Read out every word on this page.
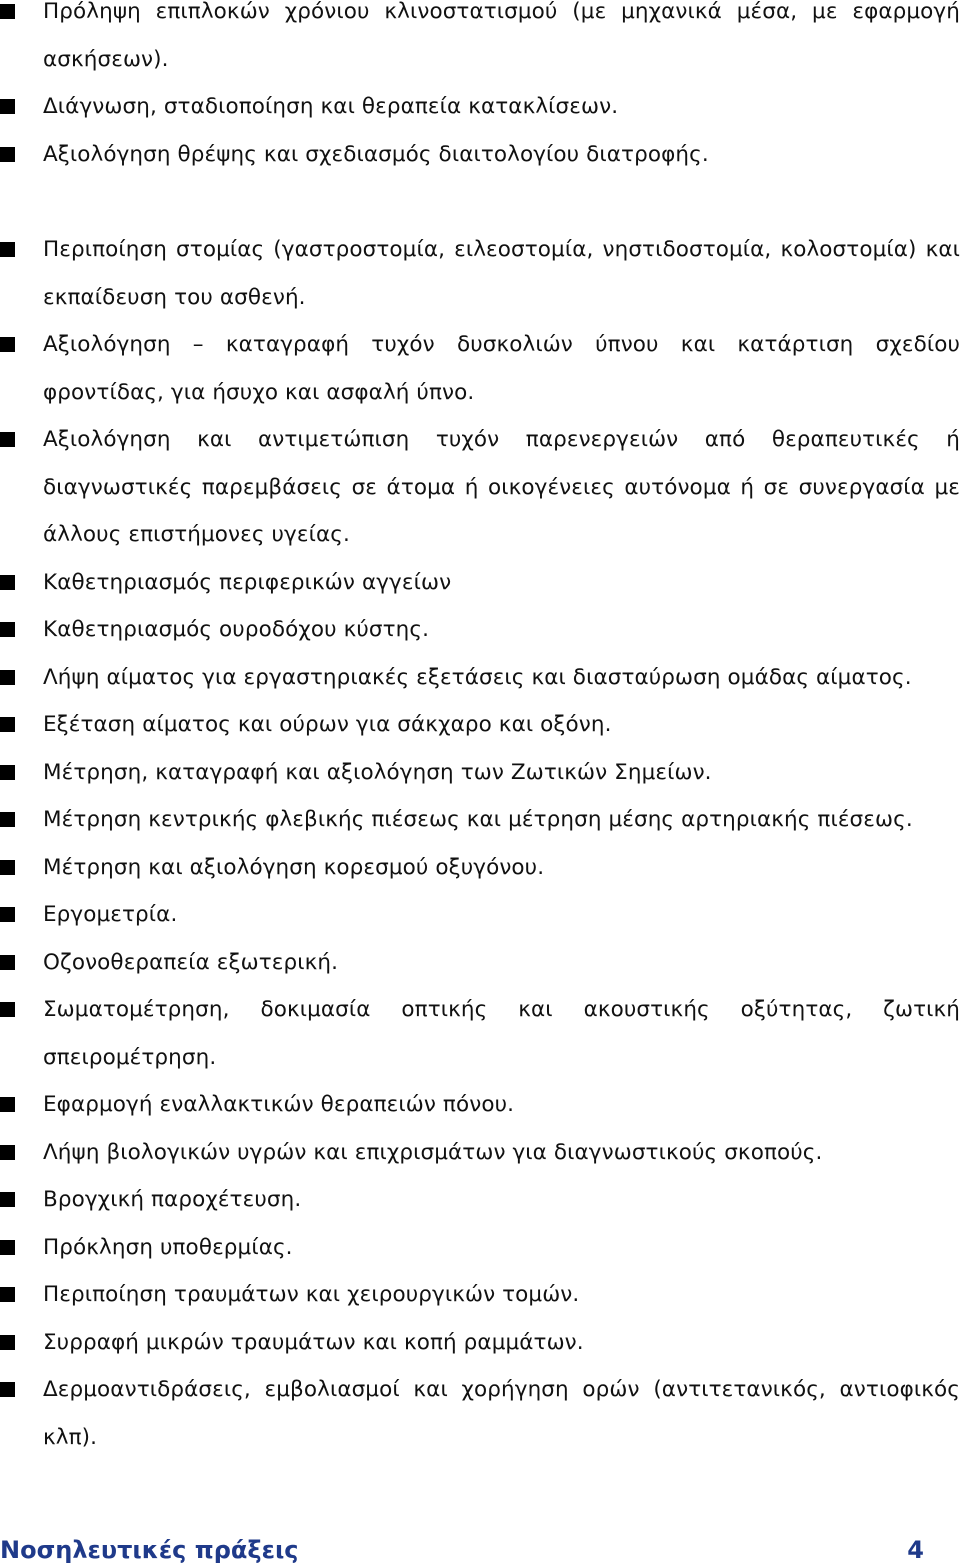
Πρόληψη επιπλοκών χρόνιου κλινοστατισμού (με μηχανικά μέσα, με εφαρμογή ασκήσεων).
Διάγνωση, σταδιοποίηση και θεραπεία κατακλίσεων.
Αξιολόγηση θρέψης και σχεδιασμός διαιτολογίου διατροφής.
Περιποίηση στομίας (γαστροστομία, ειλεοστομία, νηστιδοστομία, κολοστομία) και εκπαίδευση του ασθενή.
Αξιολόγηση – καταγραφή τυχόν δυσκολιών ύπνου και κατάρτιση σχεδίου φροντίδας, για ήσυχο και ασφαλή ύπνο.
Αξιολόγηση και αντιμετώπιση τυχόν παρενεργειών από θεραπευτικές ή διαγνωστικές παρεμβάσεις σε άτομα ή οικογένειες αυτόνομα ή σε συνεργασία με άλλους επιστήμονες υγείας.
Καθετηριασμός περιφερικών αγγείων
Καθετηριασμός ουροδόχου κύστης.
Λήψη αίματος για εργαστηριακές εξετάσεις και διασταύρωση ομάδας αίματος.
Εξέταση αίματος και ούρων για σάκχαρο και οξόνη.
Μέτρηση, καταγραφή και αξιολόγηση των Ζωτικών Σημείων.
Μέτρηση κεντρικής φλεβικής πιέσεως και μέτρηση μέσης αρτηριακής πιέσεως.
Μέτρηση και αξιολόγηση κορεσμού οξυγόνου.
Εργομετρία.
Οζονοθεραπεία εξωτερική.
Σωματομέτρηση, δοκιμασία οπτικής και ακουστικής οξύτητας, ζωτική σπειρομέτρηση.
Εφαρμογή εναλλακτικών θεραπειών πόνου.
Λήψη βιολογικών υγρών και επιχρισμάτων για διαγνωστικούς σκοπούς.
Βρογχική παροχέτευση.
Πρόκληση υποθερμίας.
Περιποίηση τραυμάτων και χειρουργικών τομών.
Συρραφή μικρών τραυμάτων και κοπή ραμμάτων.
Δερμοαντιδράσεις, εμβολιασμοί και χορήγηση ορών (αντιτετανικός, αντιοφικός κλπ).
Νοσηλευτικές πράξεις	4
